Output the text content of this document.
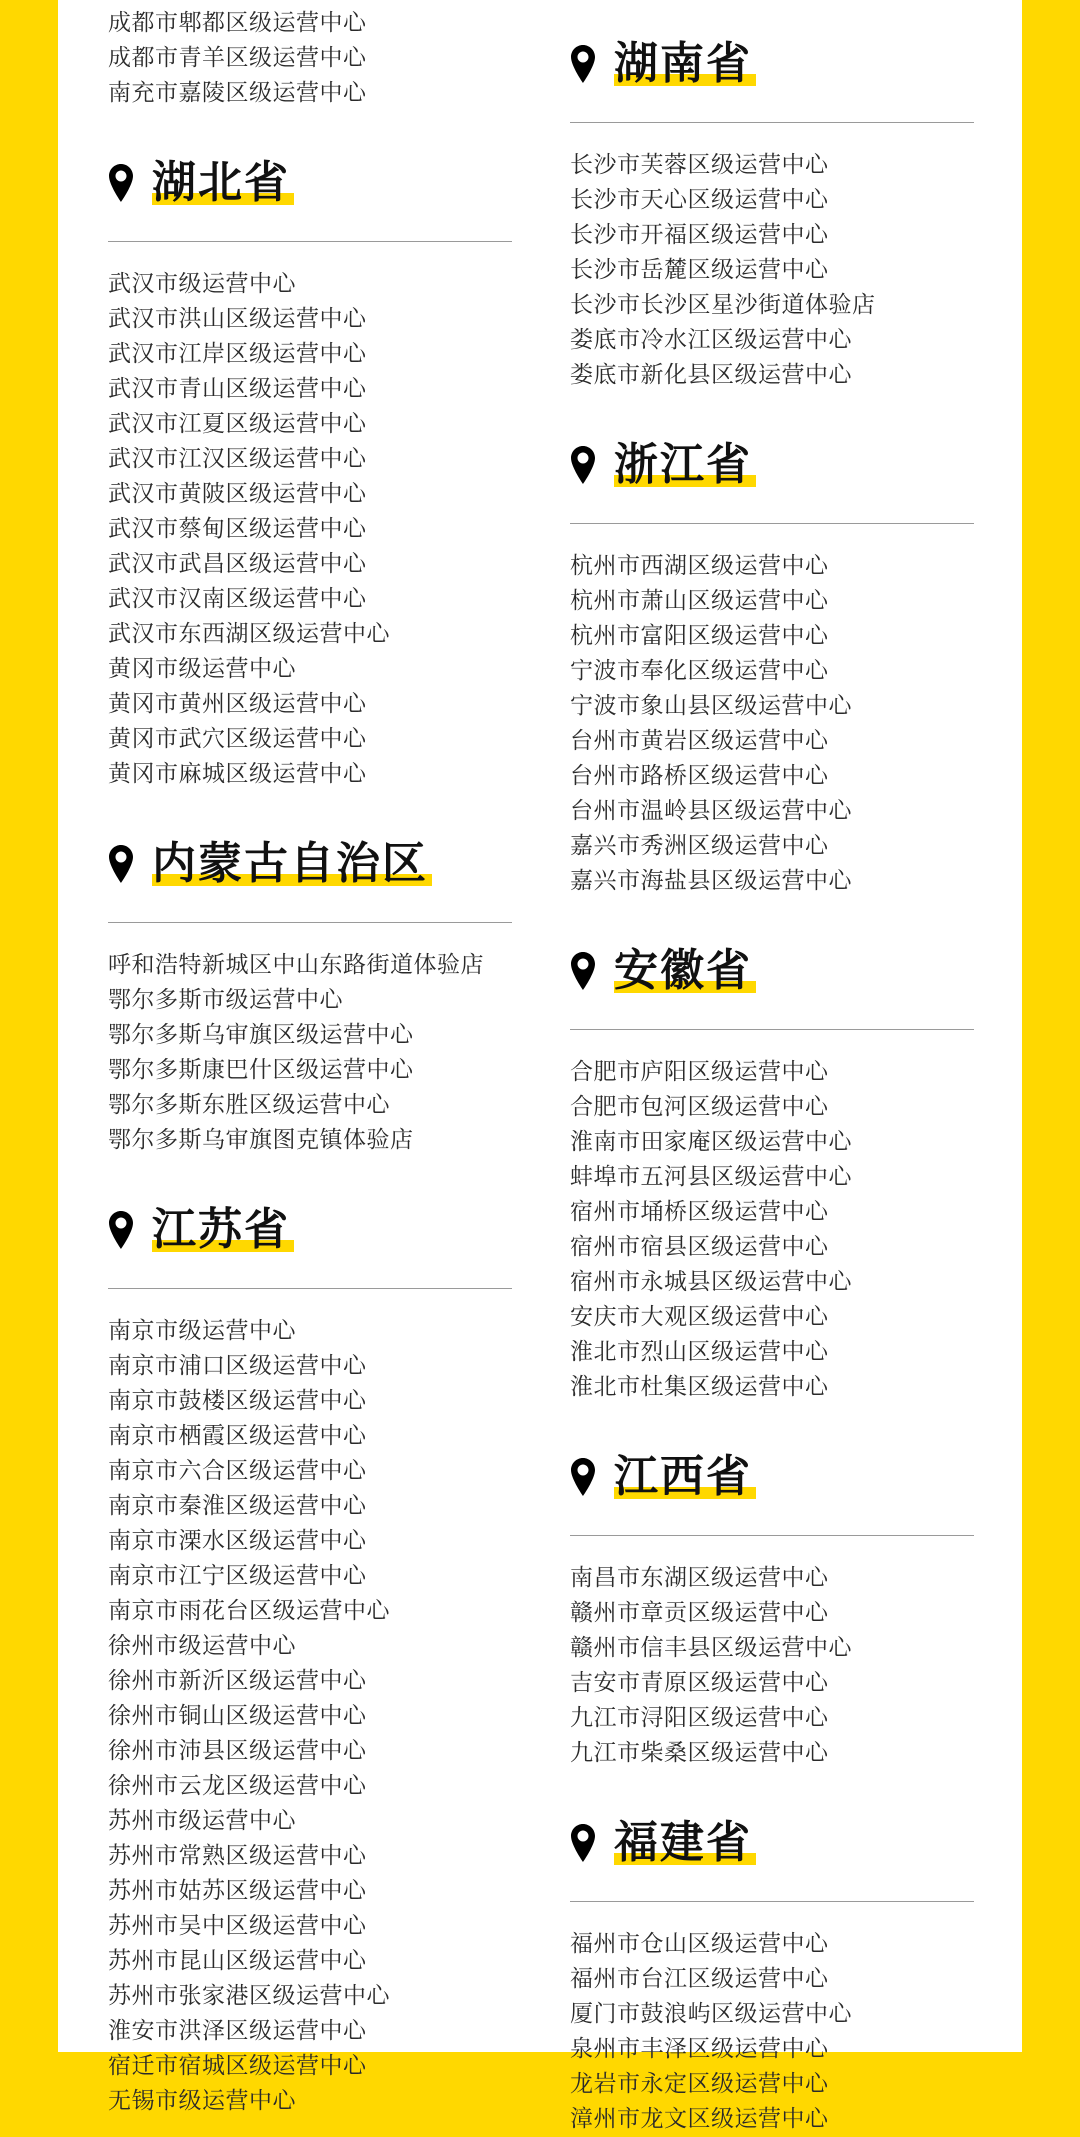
成都市郫都区级运营中心
成都市青羊区级运营中心
南充市嘉陵区级运营中心
湖北省
武汉市级运营中心
武汉市洪山区级运营中心
武汉市江岸区级运营中心
武汉市青山区级运营中心
武汉市江夏区级运营中心
武汉市江汉区级运营中心
武汉市黄陂区级运营中心
武汉市蔡甸区级运营中心
武汉市武昌区级运营中心
武汉市汉南区级运营中心
武汉市东西湖区级运营中心
黄冈市级运营中心
黄冈市黄州区级运营中心
黄冈市武穴区级运营中心
黄冈市麻城区级运营中心
内蒙古自治区
呼和浩特新城区中山东路街道体验店
鄂尔多斯市级运营中心
鄂尔多斯乌审旗区级运营中心
鄂尔多斯康巴什区级运营中心
鄂尔多斯东胜区级运营中心
鄂尔多斯乌审旗图克镇体验店
江苏省
南京市级运营中心
南京市浦口区级运营中心
南京市鼓楼区级运营中心
南京市栖霞区级运营中心
南京市六合区级运营中心
南京市秦淮区级运营中心
南京市溧水区级运营中心
南京市江宁区级运营中心
南京市雨花台区级运营中心
徐州市级运营中心
徐州市新沂区级运营中心
徐州市铜山区级运营中心
徐州市沛县区级运营中心
徐州市云龙区级运营中心
苏州市级运营中心
苏州市常熟区级运营中心
苏州市姑苏区级运营中心
苏州市吴中区级运营中心
苏州市昆山区级运营中心
苏州市张家港区级运营中心
淮安市洪泽区级运营中心
宿迁市宿城区级运营中心
无锡市级运营中心
湖南省
长沙市芙蓉区级运营中心
长沙市天心区级运营中心
长沙市开福区级运营中心
长沙市岳麓区级运营中心
长沙市长沙区星沙街道体验店
娄底市冷水江区级运营中心
娄底市新化县区级运营中心
浙江省
杭州市西湖区级运营中心
杭州市萧山区级运营中心
杭州市富阳区级运营中心
宁波市奉化区级运营中心
宁波市象山县区级运营中心
台州市黄岩区级运营中心
台州市路桥区级运营中心
台州市温岭县区级运营中心
嘉兴市秀洲区级运营中心
嘉兴市海盐县区级运营中心
安徽省
合肥市庐阳区级运营中心
合肥市包河区级运营中心
淮南市田家庵区级运营中心
蚌埠市五河县区级运营中心
宿州市埇桥区级运营中心
宿州市宿县区级运营中心
宿州市永城县区级运营中心
安庆市大观区级运营中心
淮北市烈山区级运营中心
淮北市杜集区级运营中心
江西省
南昌市东湖区级运营中心
赣州市章贡区级运营中心
赣州市信丰县区级运营中心
吉安市青原区级运营中心
九江市浔阳区级运营中心
九江市柴桑区级运营中心
福建省
福州市仓山区级运营中心
福州市台江区级运营中心
厦门市鼓浪屿区级运营中心
泉州市丰泽区级运营中心
龙岩市永定区级运营中心
漳州市龙文区级运营中心
